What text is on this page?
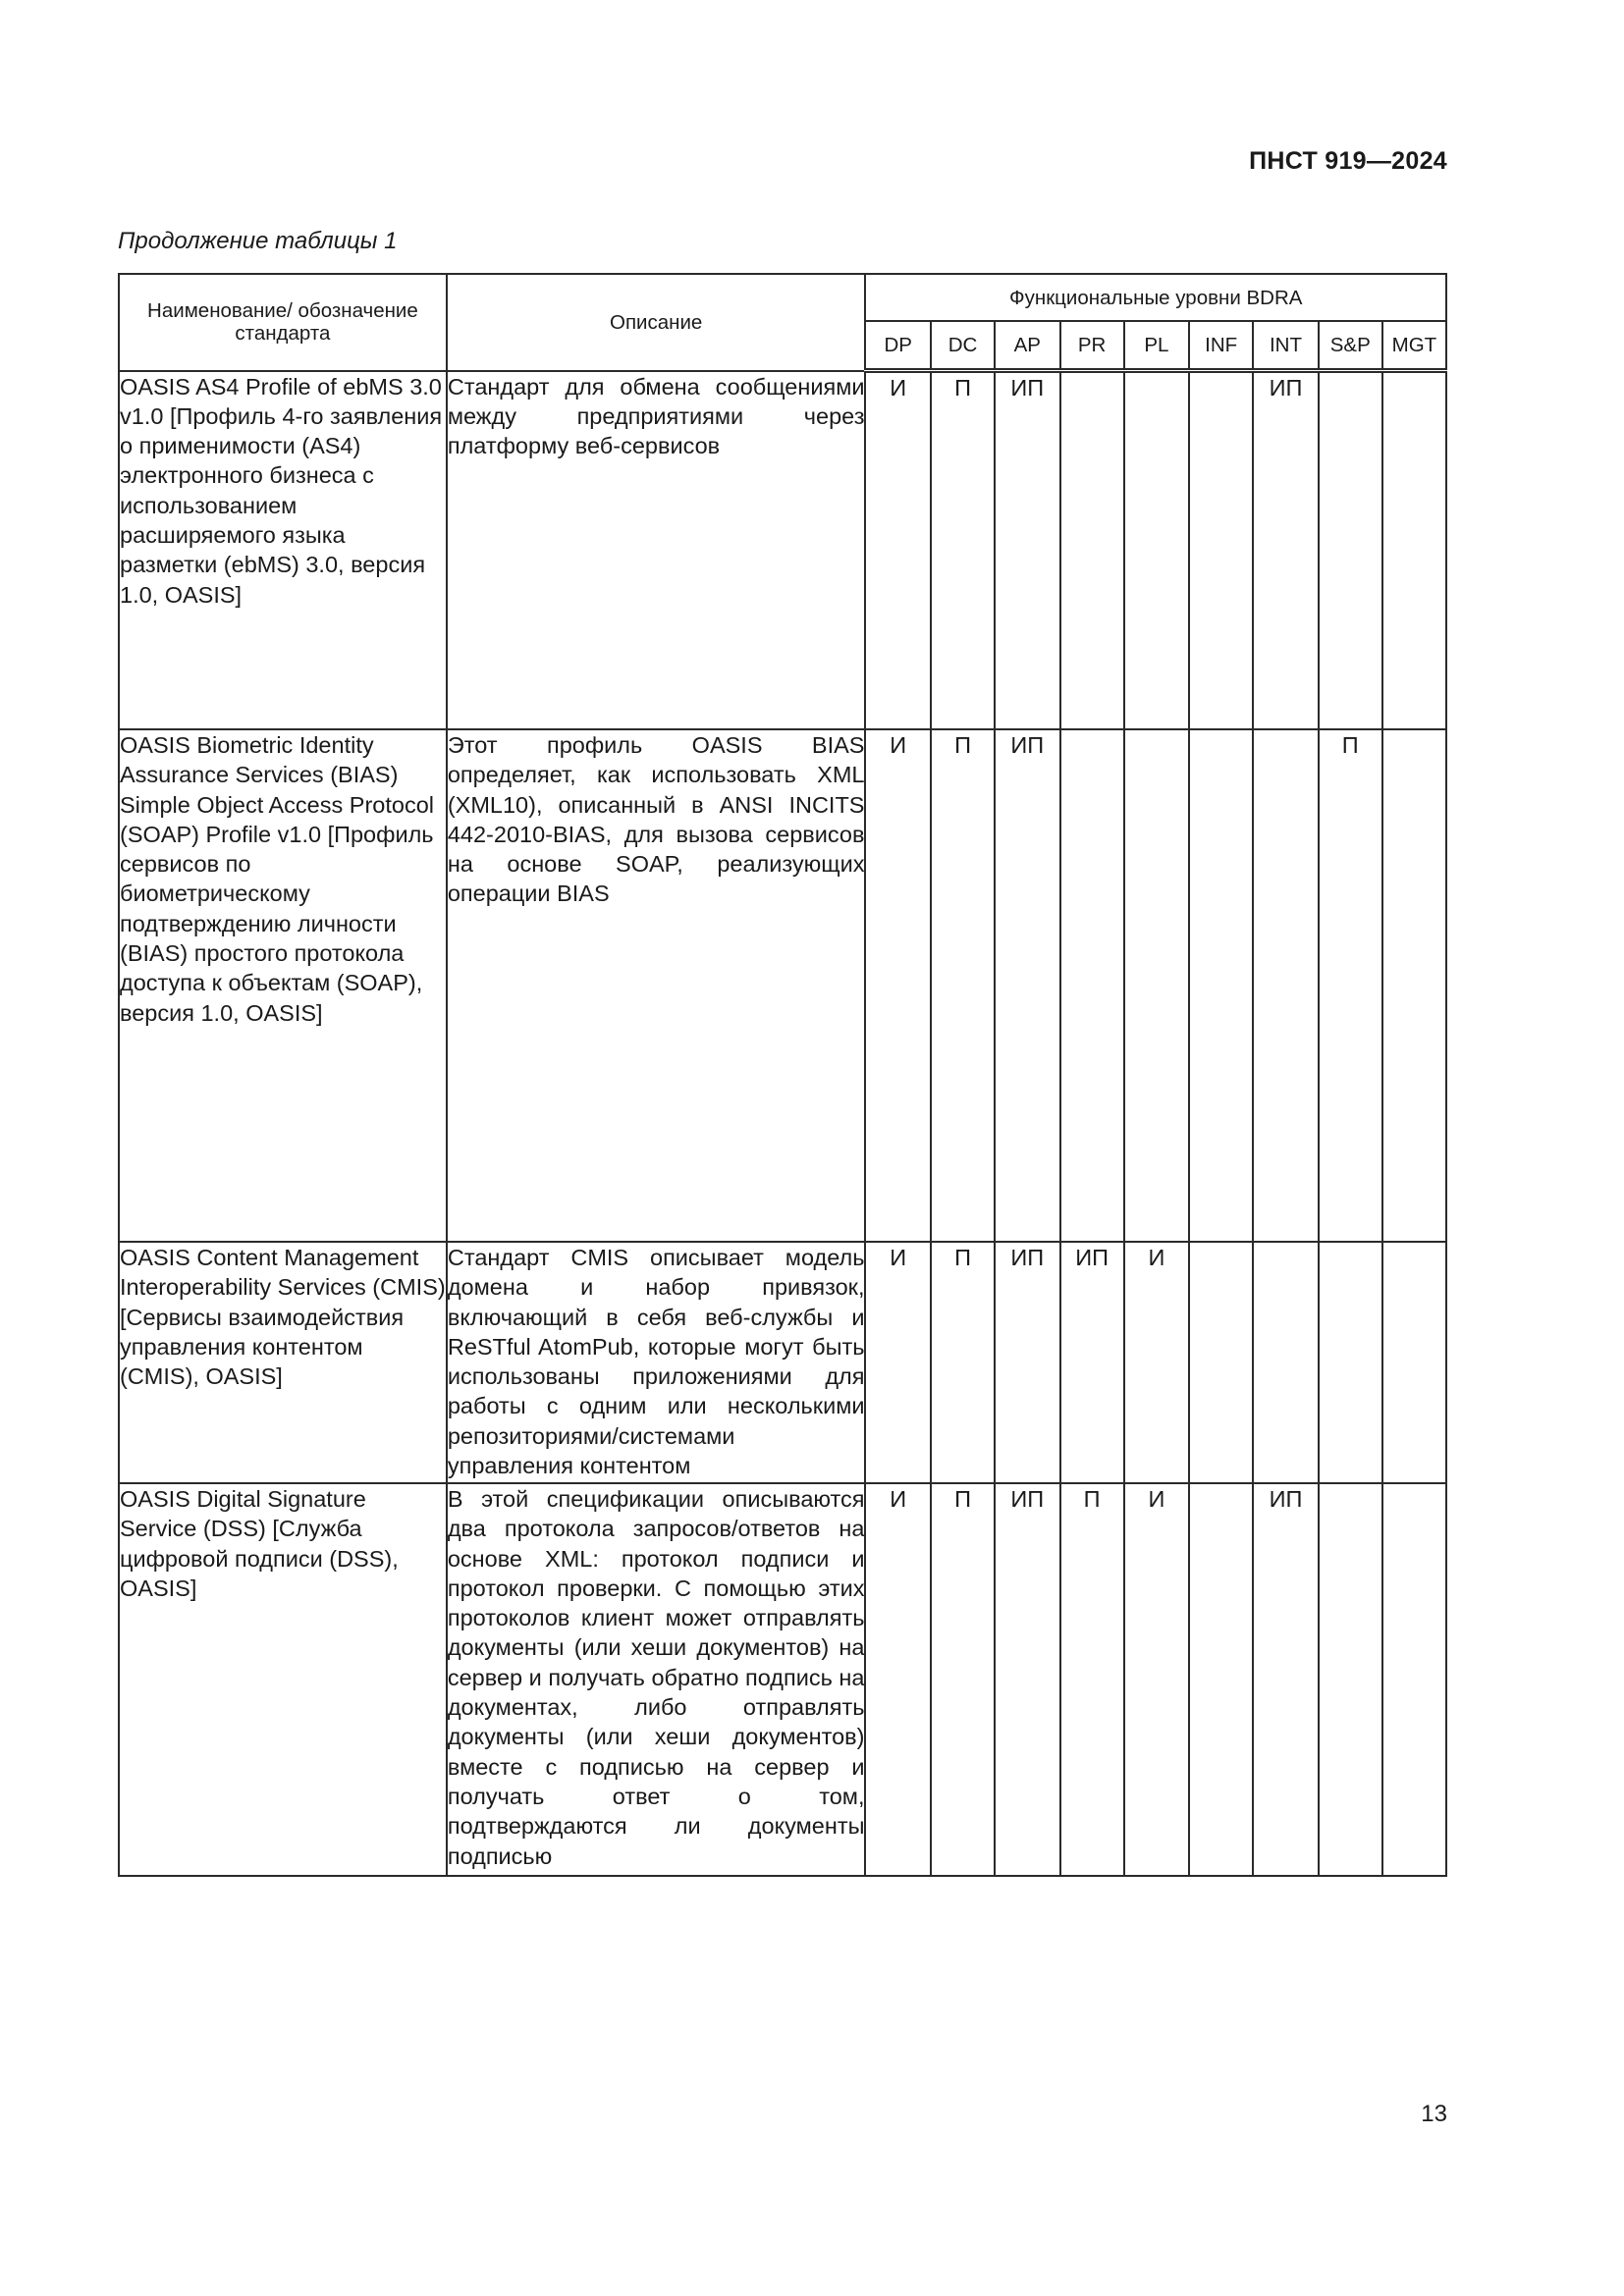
ПНСТ 919—2024
Продолжение таблицы 1
Наименование/ обозначение стандарта	Описание	Функциональные уровни BDRA								
		DP	DC	AP	PR	PL	INF	INT	S&P	MGT
OASIS AS4 Profile of ebMS 3.0 v1.0 [Профиль 4-го заявления о применимости (AS4) электронного бизнеса с использованием расширяемого языка разметки (ebMS) 3.0, версия 1.0, OASIS]	Стандарт для обмена сообщениями между предприятиями через платформу веб-сервисов	И	П	ИП				ИП		
OASIS Biometric Identity Assurance Services (BIAS) Simple Object Access Protocol (SOAP) Profile v1.0 [Профиль сервисов по биометрическому подтверждению личности (BIAS) простого протокола доступа к объектам (SOAP), версия 1.0, OASIS]	Этот профиль OASIS BIAS определяет, как использовать XML (XML10), описанный в ANSI INCITS 442-2010-BIAS, для вызова сервисов на основе SOAP, реализующих операции BIAS	И	П	ИП					П	
OASIS Content Management Interoperability Services (CMIS) [Сервисы взаимодействия управления контентом (CMIS), OASIS]	Стандарт CMIS описывает модель домена и набор привязок, включающий в себя веб-службы и ReSTful AtomPub, которые могут быть использованы приложениями для работы с одним или несколькими репозиториями/системами управления контентом	И	П	ИП	ИП	И				
OASIS Digital Signature Service (DSS) [Служба цифровой подписи (DSS), OASIS]	В этой спецификации описываются два протокола запросов/ответов на основе XML: протокол подписи и протокол проверки. С помощью этих протоколов клиент может отправлять документы (или хеши документов) на сервер и получать обратно подпись на документах, либо отправлять документы (или хеши документов) вместе с подписью на сервер и получать ответ о том, подтверждаются ли документы подписью	И	П	ИП	П	И		ИП		
13
